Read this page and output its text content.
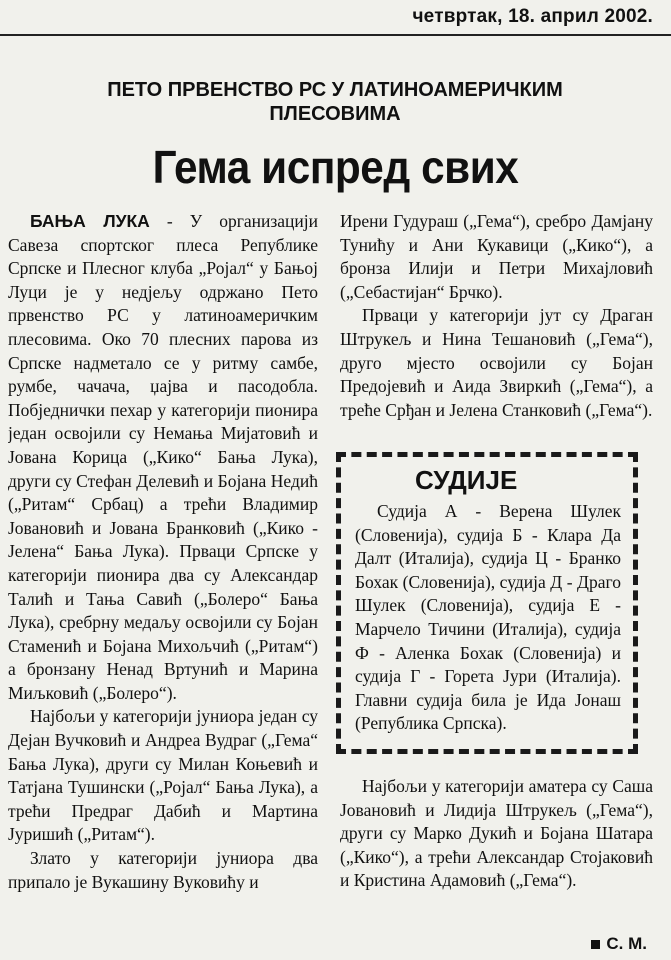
четвртак, 18. април 2002.
ПЕТО ПРВЕНСТВО РС У ЛАТИНОАМЕРИЧКИМ ПЛЕСОВИМА
Гема испред свих

БАЊА ЛУКА - У организацији Савеза спортског плеса Републике Српске и Плесног клуба „Ројал“ у Бањој Луци је у недјељу одржано Пето првенство РС у латиноамеричким плесовима. Око 70 плесних парова из Српске надметало се у ритму самбе, румбе, чачача, џајва и пасодобла. Побједнички пехар у категорији пионира један освојили су Немања Мијатовић и Јована Корица („Кико“ Бања Лука), други су Стефан Делевић и Бојана Недић („Ритам“ Србац) а трећи Владимир Јовановић и Јована Бранковић („Кико - Јелена“ Бања Лука). Прваци Српске у категорији пионира два су Александар Талић и Тања Савић („Болеро“ Бања Лука), сребрну медаљу освојили су Бојан Стаменић и Бојана Михољчић („Ритам“) а бронзану Ненад Вртунић и Марина Миљковић („Болеро“).

Најбољи у категорији јуниора један су Дејан Вучковић и Андреа Вудраг („Гема“ Бања Лука), други су Милан Коњевић и Татјана Тушински („Ројал“ Бања Лука), а трећи Предраг Дабић и Мартина Јуришић („Ритам“).

Злато у категорији јуниора два припало је Вукашину Вуковићу и

Ирени Гудураш („Гема“), сребро Дамјану Тунићу и Ани Кукавици („Кико“), а бронза Илији и Петри Михајловић („Себастијан“ Брчко).

Прваци у категорији јут су Драган Штрукељ и Нина Тешановић („Гема“), друго мјесто освојили су Бојан Предојевић и Аида Звиркић („Гема“), а треће Срђан и Јелена Станковић („Гема“).

СУДИЈЕ
Судија А - Верена Шулек (Словенија), судија Б - Клара Да Далт (Италија), судија Ц - Бранко Бохак (Словенија), судија Д - Драго Шулек (Словенија), судија Е - Марчело Тичини (Италија), судија Ф - Аленка Бохак (Словенија) и судија Г - Горета Јури (Италија). Главни судија била је Ида Јонаш (Република Српска).

Најбољи у категорији аматера су Саша Јовановић и Лидија Штрукељ („Гема“), други су Марко Дукић и Бојана Шатара („Кико“), а трећи Александар Стојаковић и Кристина Адамовић („Гема“).

С. М.
